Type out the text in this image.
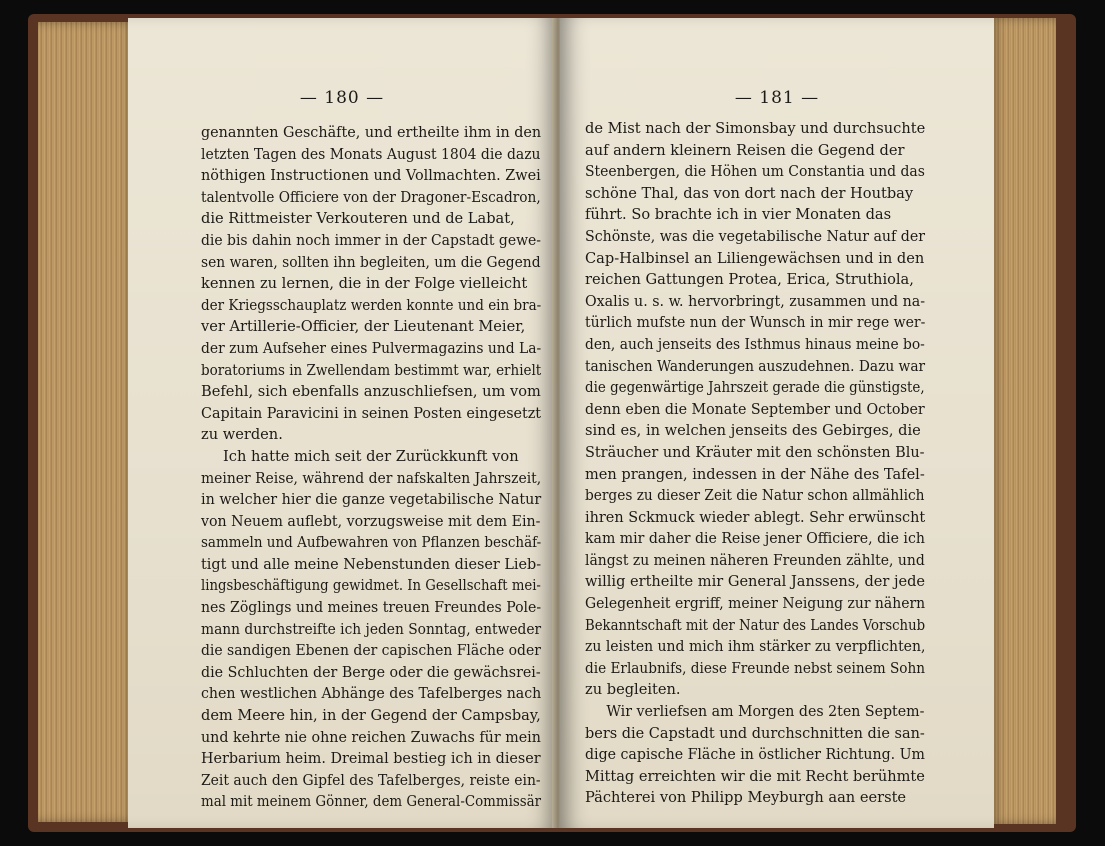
— 180 —
genannten Geschäfte, und ertheilte ihm in den
letzten Tagen des Monats August 1804 die dazu
nöthigen Instructionen und Vollmachten. Zwei
talentvolle Officiere von der Dragoner-Escadron,
die Rittmeister Verkouteren und de Labat,
die bis dahin noch immer in der Capstadt gewe-
sen waren, sollten ihn begleiten, um die Gegend
kennen zu lernen, die in der Folge vielleicht
der Kriegsschauplatz werden konnte und ein bra-
ver Artillerie-Officier, der Lieutenant Meier,
der zum Aufseher eines Pulvermagazins und La-
boratoriums in Zwellendam bestimmt war, erhielt
Befehl, sich ebenfalls anzuschliefsen, um vom
Capitain Paravicini in seinen Posten eingesetzt
zu werden.
Ich hatte mich seit der Zurückkunft von
meiner Reise, während der nafskalten Jahrszeit,
in welcher hier die ganze vegetabilische Natur
von Neuem auflebt, vorzugsweise mit dem Ein-
sammeln und Aufbewahren von Pflanzen beschäf-
tigt und alle meine Nebenstunden dieser Lieb-
lingsbeschäftigung gewidmet. In Gesellschaft mei-
nes Zöglings und meines treuen Freundes Pole-
mann durchstreifte ich jeden Sonntag, entweder
die sandigen Ebenen der capischen Fläche oder
die Schluchten der Berge oder die gewächsrei-
chen westlichen Abhänge des Tafelberges nach
dem Meere hin, in der Gegend der Campsbay,
und kehrte nie ohne reichen Zuwachs für mein
Herbarium heim. Dreimal bestieg ich in dieser
Zeit auch den Gipfel des Tafelberges, reiste ein-
mal mit meinem Gönner, dem General-Commissär
— 181 —
de Mist nach der Simonsbay und durchsuchte
auf andern kleinern Reisen die Gegend der
Steenbergen, die Höhen um Constantia und das
schöne Thal, das von dort nach der Houtbay
führt. So brachte ich in vier Monaten das
Schönste, was die vegetabilische Natur auf der
Cap-Halbinsel an Liliengewächsen und in den
reichen Gattungen Protea, Erica, Struthiola,
Oxalis u. s. w. hervorbringt, zusammen und na-
türlich mufste nun der Wunsch in mir rege wer-
den, auch jenseits des Isthmus hinaus meine bo-
tanischen Wanderungen auszudehnen. Dazu war
die gegenwärtige Jahrszeit gerade die günstigste,
denn eben die Monate September und October
sind es, in welchen jenseits des Gebirges, die
Sträucher und Kräuter mit den schönsten Blu-
men prangen, indessen in der Nähe des Tafel-
berges zu dieser Zeit die Natur schon allmählich
ihren Sckmuck wieder ablegt. Sehr erwünscht
kam mir daher die Reise jener Officiere, die ich
längst zu meinen näheren Freunden zählte, und
willig ertheilte mir General Janssens, der jede
Gelegenheit ergriff, meiner Neigung zur nähern
Bekanntschaft mit der Natur des Landes Vorschub
zu leisten und mich ihm stärker zu verpflichten,
die Erlaubnifs, diese Freunde nebst seinem Sohn
zu begleiten.
Wir verliefsen am Morgen des 2ten Septem-
bers die Capstadt und durchschnitten die san-
dige capische Fläche in östlicher Richtung. Um
Mittag erreichten wir die mit Recht berühmte
Pächterei von Philipp Meyburgh aan eerste
